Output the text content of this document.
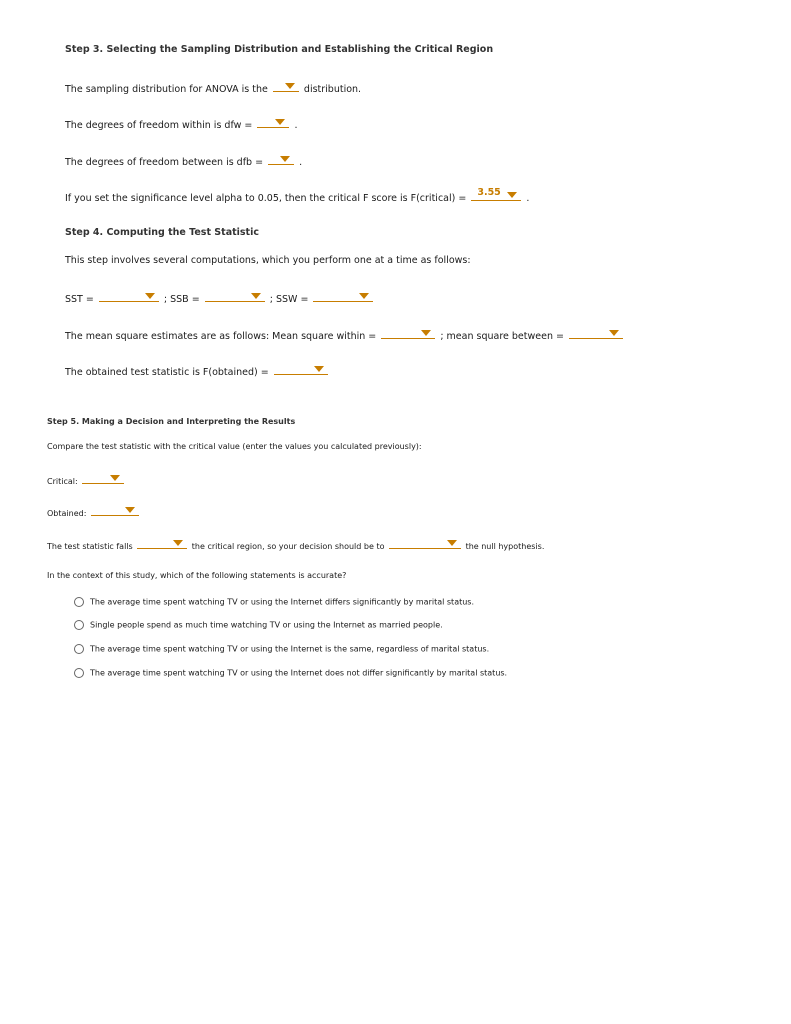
Step 3. Selecting the Sampling Distribution and Establishing the Critical Region
The sampling distribution for ANOVA is the	distribution.
The degrees of freedom within is dfw =	.
The degrees of freedom between is dfb =	.
If you set the significance level alpha to 0.05, then the critical F score is F(critical) =
3.55
.
Step 4. Computing the Test Statistic
This step involves several computations, which you perform one at a time as follows:
SST =	; SSB =	; SSW =
The mean square estimates are as follows: Mean square within =	; mean square between =
The obtained test statistic is F(obtained) =
Step 5. Making a Decision and Interpreting the Results
Compare the test statistic with the critical value (enter the values you calculated previously):
Critical:
Obtained:
The test statistic falls	the critical region, so your decision should be to	the null hypothesis.
In the context of this study, which of the following statements is accurate?
The average time spent watching TV or using the Internet differs significantly by marital status.
Single people spend as much time watching TV or using the Internet as married people.
The average time spent watching TV or using the Internet is the same, regardless of marital status.
The average time spent watching TV or using the Internet does not differ significantly by marital status.
